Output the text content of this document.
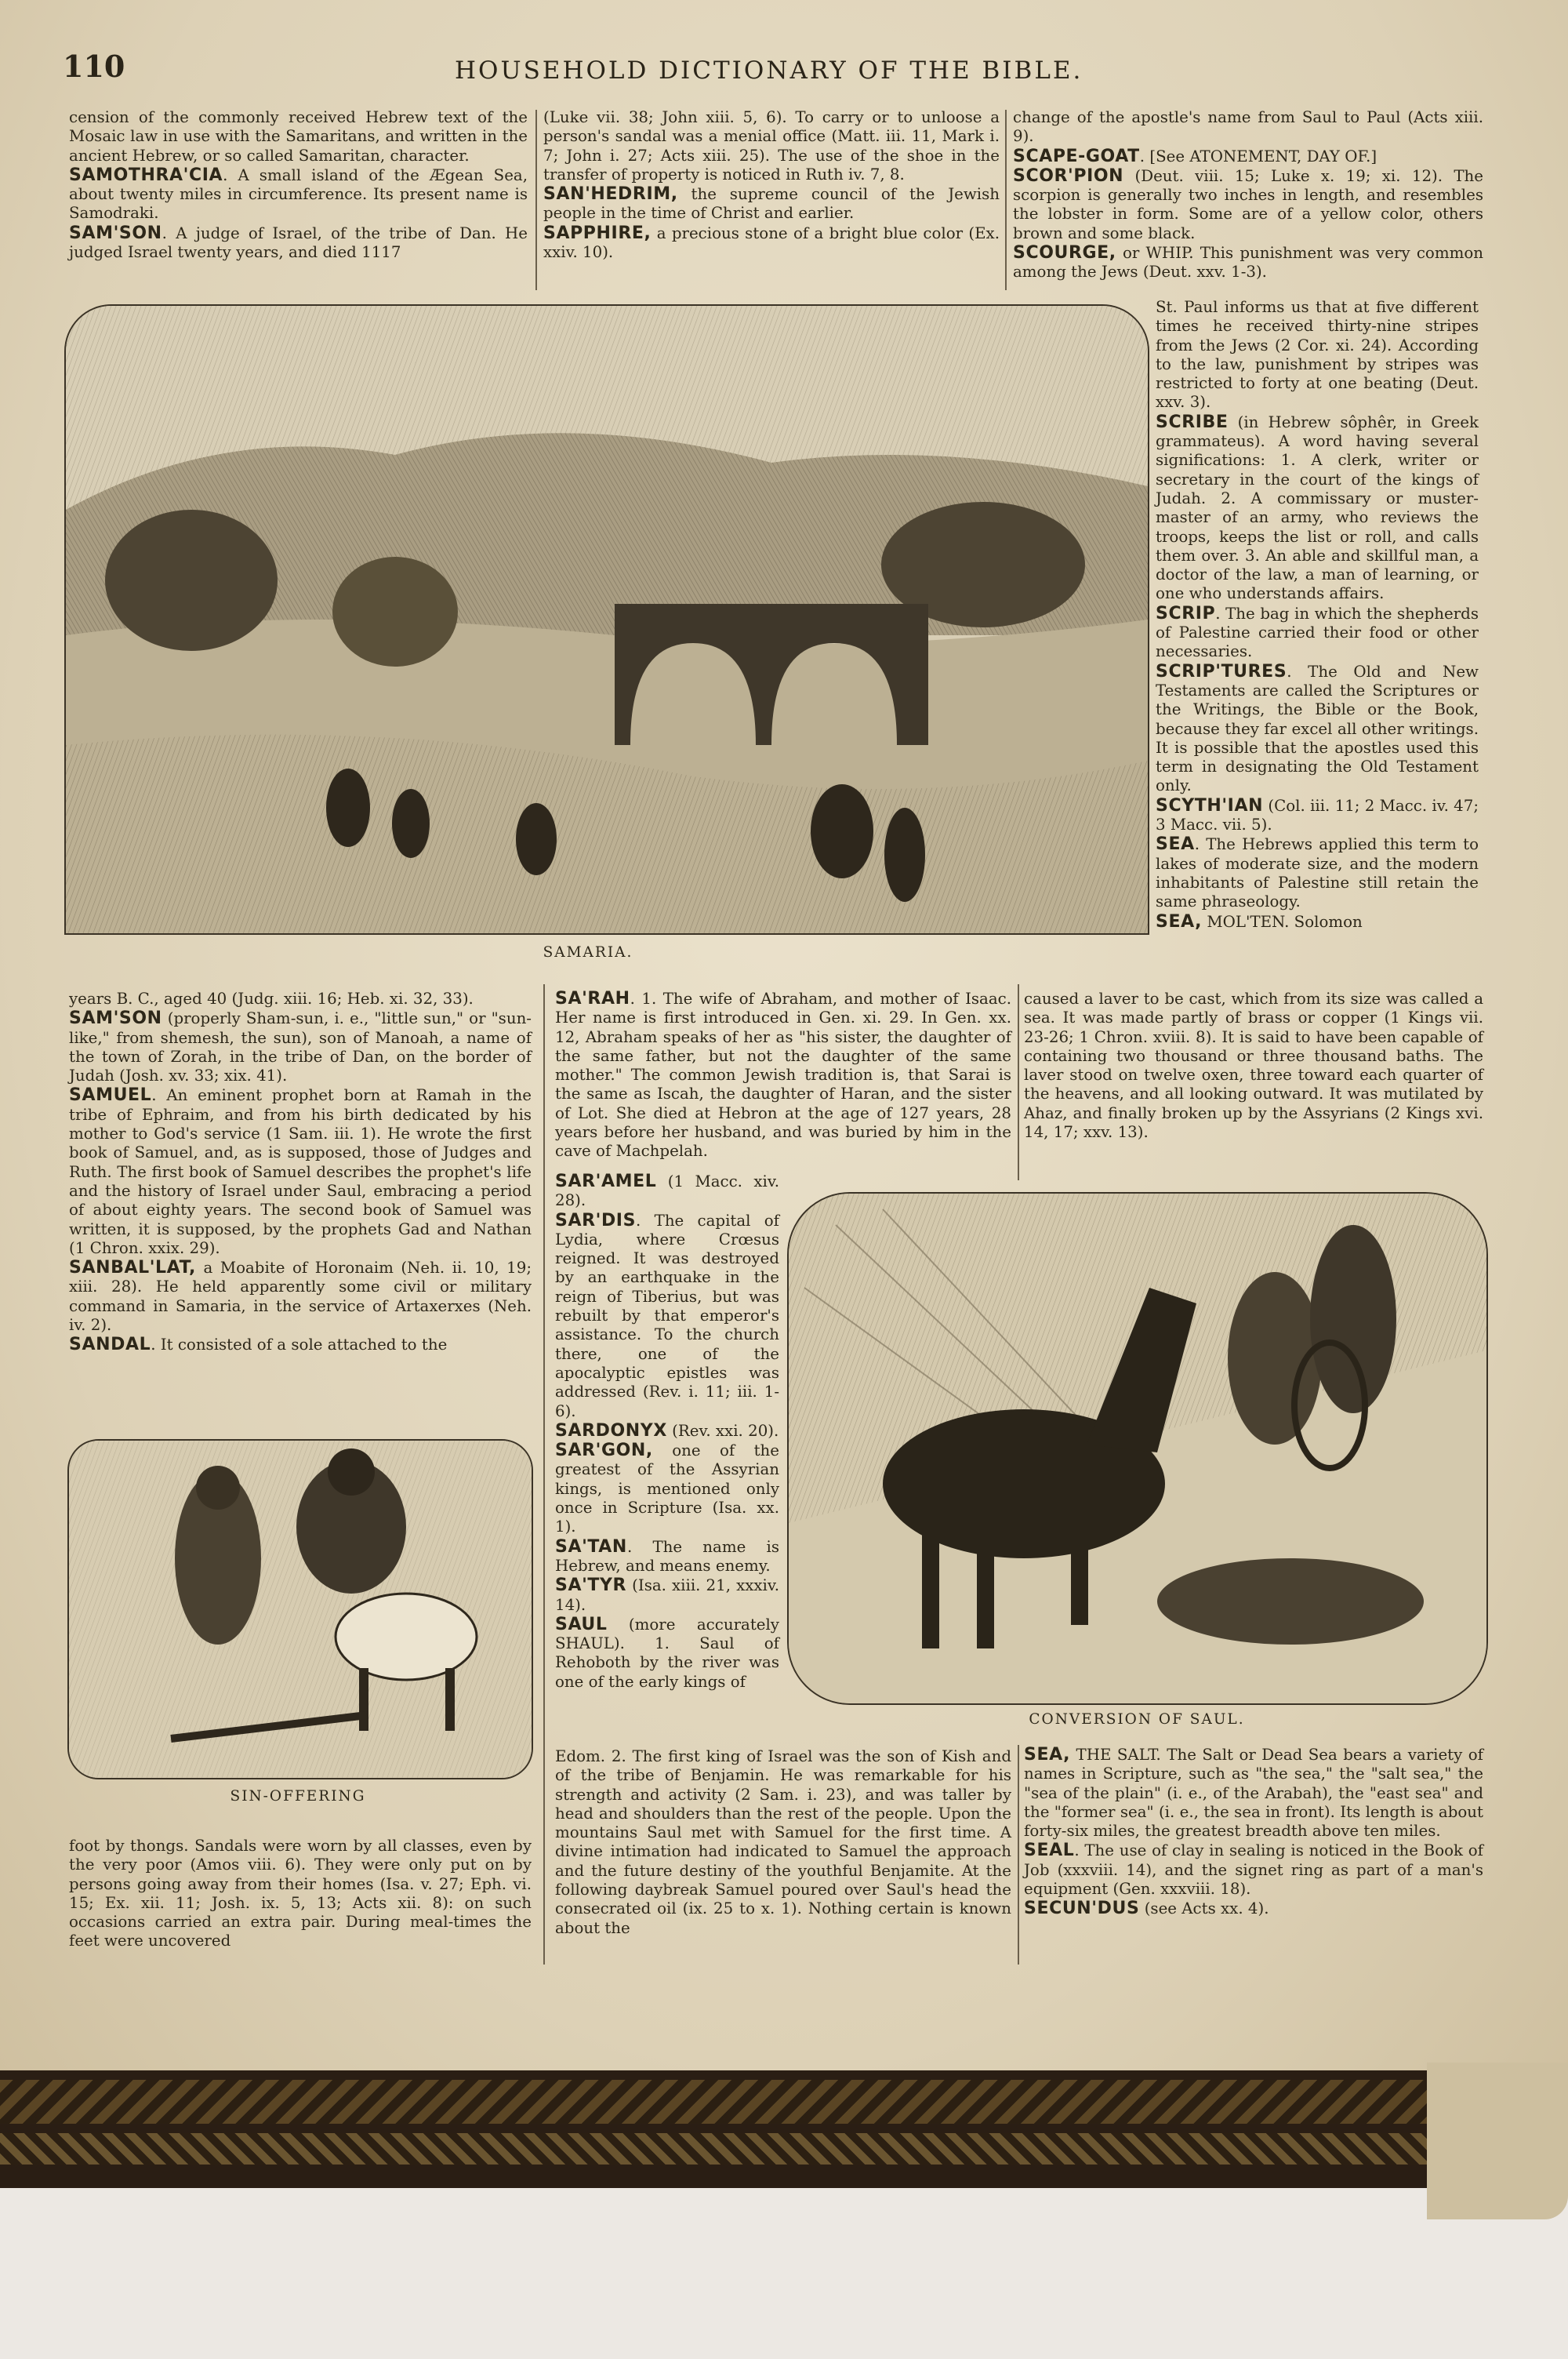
110	HOUSEHOLD DICTIONARY OF THE BIBLE.

cension of the commonly received Hebrew text of the Mosaic law in use with the Samaritans, and written in the ancient Hebrew, or so called Samaritan, character.

SAMOTHRA'CIA. A small island of the Ægean Sea, about twenty miles in circumference. Its present name is Samodraki.

SAM'SON. A judge of Israel, of the tribe of Dan. He judged Israel twenty years, and died 1117

(Luke vii. 38; John xiii. 5, 6). To carry or to unloose a person's sandal was a menial office (Matt. iii. 11, Mark i. 7; John i. 27; Acts xiii. 25). The use of the shoe in the transfer of property is noticed in Ruth iv. 7, 8.

SAN'HEDRIM, the supreme council of the Jewish people in the time of Christ and earlier.

SAPPHIRE, a precious stone of a bright blue color (Ex. xxiv. 10).

change of the apostle's name from Saul to Paul (Acts xiii. 9).

SCAPE-GOAT. [See ATONEMENT, DAY OF.]

SCOR'PION (Deut. viii. 15; Luke x. 19; xi. 12). The scorpion is generally two inches in length, and resembles the lobster in form. Some are of a yellow color, others brown and some black.

SCOURGE, or WHIP. This punishment was very common among the Jews (Deut. xxv. 1-3).

SAMARIA.

St. Paul informs us that at five different times he received thirty-nine stripes from the Jews (2 Cor. xi. 24). According to the law, punishment by stripes was restricted to forty at one beating (Deut. xxv. 3).

SCRIBE (in Hebrew sôphêr, in Greek grammateus). A word having several significations: 1. A clerk, writer or secretary in the court of the kings of Judah. 2. A commissary or muster-master of an army, who reviews the troops, keeps the list or roll, and calls them over. 3. An able and skillful man, a doctor of the law, a man of learning, or one who understands affairs.

SCRIP. The bag in which the shepherds of Palestine carried their food or other necessaries.

SCRIP'TURES. The Old and New Testaments are called the Scriptures or the Writings, the Bible or the Book, because they far excel all other writings. It is possible that the apostles used this term in designating the Old Testament only.

SCYTH'IAN (Col. iii. 11; 2 Macc. iv. 47; 3 Macc. vii. 5).

SEA. The Hebrews applied this term to lakes of moderate size, and the modern inhabitants of Palestine still retain the same phraseology.

SEA, MOL'TEN. Solomon

years B. C., aged 40 (Judg. xiii. 16; Heb. xi. 32, 33).

SAM'SON (properly Sham-sun, i. e., "little sun," or "sun-like," from shemesh, the sun), son of Manoah, a name of the town of Zorah, in the tribe of Dan, on the border of Judah (Josh. xv. 33; xix. 41).

SAMUEL. An eminent prophet born at Ramah in the tribe of Ephraim, and from his birth dedicated by his mother to God's service (1 Sam. iii. 1). He wrote the first book of Samuel, and, as is supposed, those of Judges and Ruth. The first book of Samuel describes the prophet's life and the history of Israel under Saul, embracing a period of about eighty years. The second book of Samuel was written, it is supposed, by the prophets Gad and Nathan (1 Chron. xxix. 29).

SANBAL'LAT, a Moabite of Horonaim (Neh. ii. 10, 19; xiii. 28). He held apparently some civil or military command in Samaria, in the service of Artaxerxes (Neh. iv. 2).

SANDAL. It consisted of a sole attached to the

SIN-OFFERING

foot by thongs. Sandals were worn by all classes, even by the very poor (Amos viii. 6). They were only put on by persons going away from their homes (Isa. v. 27; Eph. vi. 15; Ex. xii. 11; Josh. ix. 5, 13; Acts xii. 8): on such occasions carried an extra pair. During meal-times the feet were uncovered

SA'RAH. 1. The wife of Abraham, and mother of Isaac. Her name is first introduced in Gen. xi. 29. In Gen. xx. 12, Abraham speaks of her as "his sister, the daughter of the same father, but not the daughter of the same mother." The common Jewish tradition is, that Sarai is the same as Iscah, the daughter of Haran, and the sister of Lot. She died at Hebron at the age of 127 years, 28 years before her husband, and was buried by him in the cave of Machpelah.

SAR'AMEL (1 Macc. xiv. 28).

SAR'DIS. The capital of Lydia, where Crœsus reigned. It was destroyed by an earthquake in the reign of Tiberius, but was rebuilt by that emperor's assistance. To the church there, one of the apocalyptic epistles was addressed (Rev. i. 11; iii. 1-6).

SARDONYX (Rev. xxi. 20).

SAR'GON, one of the greatest of the Assyrian kings, is mentioned only once in Scripture (Isa. xx. 1).

SA'TAN. The name is Hebrew, and means enemy.

SA'TYR (Isa. xiii. 21, xxxiv. 14).

SAUL (more accurately SHAUL). 1. Saul of Rehoboth by the river was one of the early kings of

Edom. 2. The first king of Israel was the son of Kish and of the tribe of Benjamin. He was remarkable for his strength and activity (2 Sam. i. 23), and was taller by head and shoulders than the rest of the people. Upon the mountains Saul met with Samuel for the first time. A divine intimation had indicated to Samuel the approach and the future destiny of the youthful Benjamite. At the following daybreak Samuel poured over Saul's head the consecrated oil (ix. 25 to x. 1). Nothing certain is known about the

caused a laver to be cast, which from its size was called a sea. It was made partly of brass or copper (1 Kings vii. 23-26; 1 Chron. xviii. 8). It is said to have been capable of containing two thousand or three thousand baths. The laver stood on twelve oxen, three toward each quarter of the heavens, and all looking outward. It was mutilated by Ahaz, and finally broken up by the Assyrians (2 Kings xvi. 14, 17; xxv. 13).

CONVERSION OF SAUL.

SEA, THE SALT. The Salt or Dead Sea bears a variety of names in Scripture, such as "the sea," the "salt sea," the "sea of the plain" (i. e., of the Arabah), the "east sea" and the "former sea" (i. e., the sea in front). Its length is about forty-six miles, the greatest breadth above ten miles.

SEAL. The use of clay in sealing is noticed in the Book of Job (xxxviii. 14), and the signet ring as part of a man's equipment (Gen. xxxviii. 18).

SECUN'DUS (see Acts xx. 4).
